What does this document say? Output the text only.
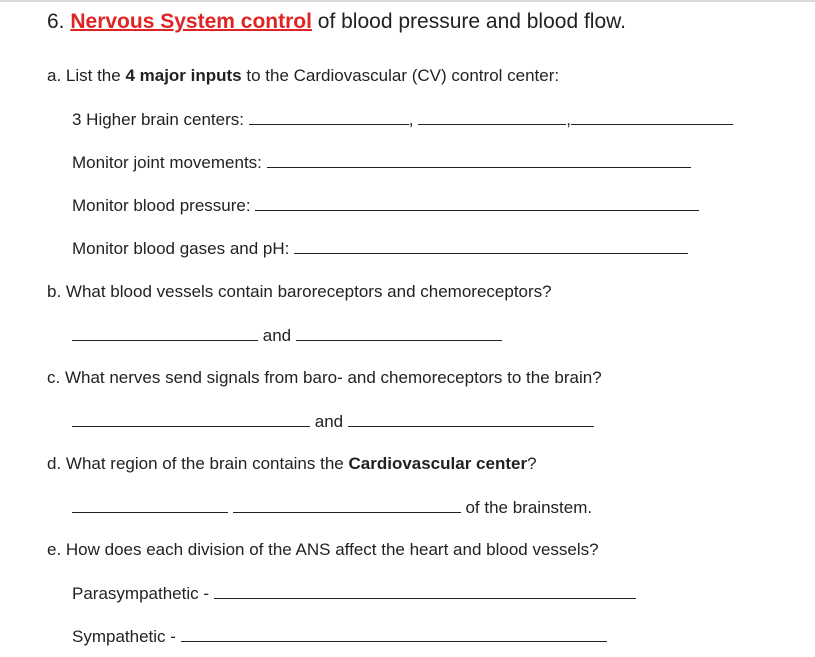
6. Nervous System control of blood pressure and blood flow.
a. List the 4 major inputs to the Cardiovascular (CV) control center:
3 Higher brain centers:	,	,
Monitor joint movements:
Monitor blood pressure:
Monitor blood gases and pH:
b. What blood vessels contain baroreceptors and chemoreceptors?
and
c. What nerves send signals from baro- and chemoreceptors to the brain?
and
d. What region of the brain contains the Cardiovascular center?
of the brainstem.
e. How does each division of the ANS affect the heart and blood vessels?
Parasympathetic -
Sympathetic -
